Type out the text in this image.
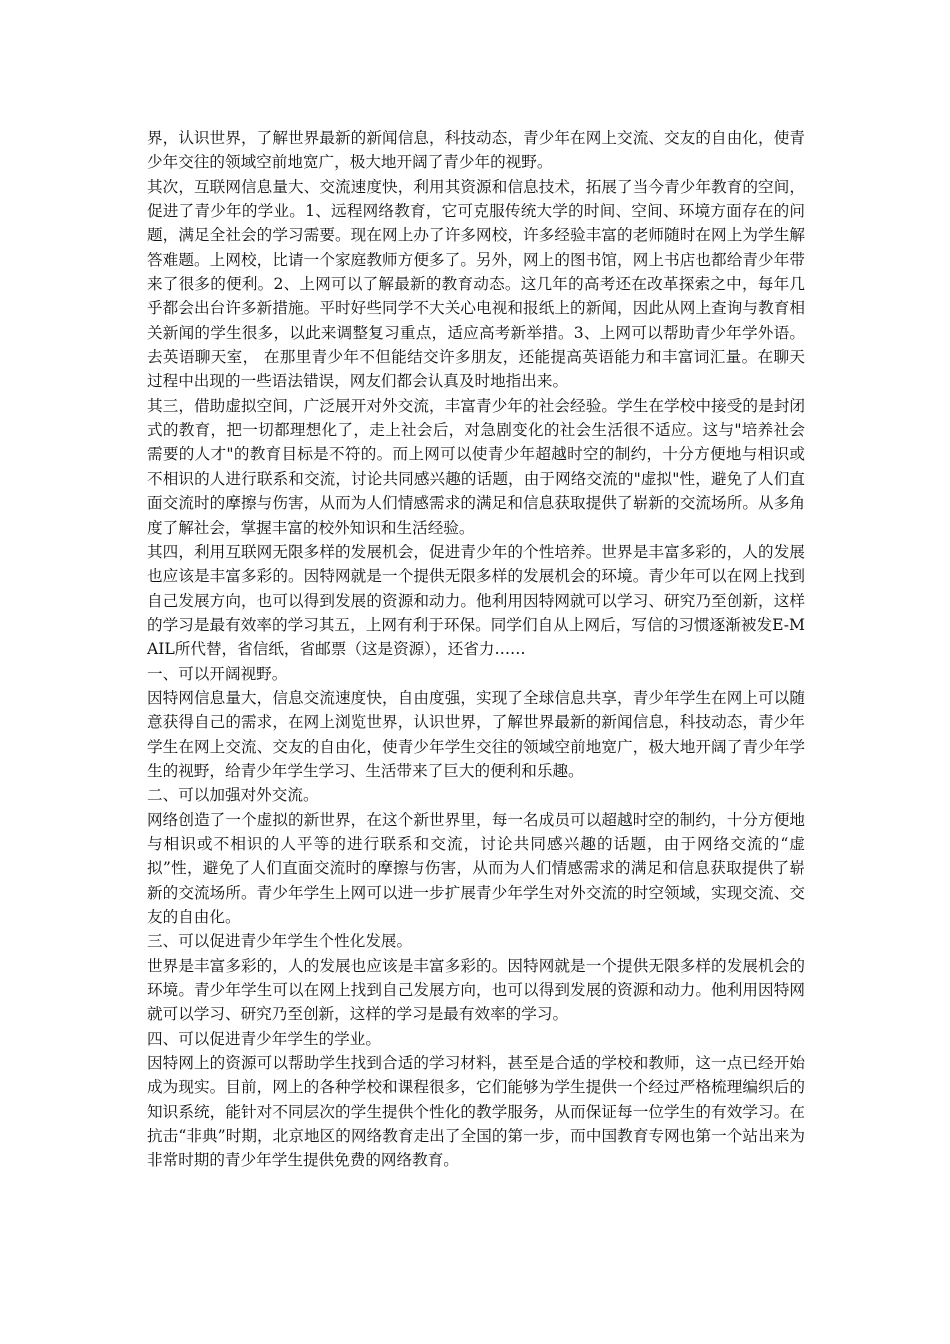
界，认识世界，了解世界最新的新闻信息，科技动态，青少年在网上交流、交友的自由化，使青少年交往的领域空前地宽广，极大地开阔了青少年的视野。

其次，互联网信息量大、交流速度快，利用其资源和信息技术，拓展了当今青少年教育的空间，促进了青少年的学业。1、远程网络教育，它可克服传统大学的时间、空间、环境方面存在的问题，满足全社会的学习需要。现在网上办了许多网校，许多经验丰富的老师随时在网上为学生解答难题。上网校，比请一个家庭教师方便多了。另外，网上的图书馆，网上书店也都给青少年带来了很多的便利。2、上网可以了解最新的教育动态。这几年的高考还在改革探索之中，每年几乎都会出台许多新措施。平时好些同学不大关心电视和报纸上的新闻，因此从网上查询与教育相关新闻的学生很多，以此来调整复习重点，适应高考新举措。3、上网可以帮助青少年学外语。去英语聊天室， 在那里青少年不但能结交许多朋友，还能提高英语能力和丰富词汇量。在聊天过程中出现的一些语法错误，网友们都会认真及时地指出来。

其三，借助虚拟空间，广泛展开对外交流，丰富青少年的社会经验。学生在学校中接受的是封闭式的教育，把一切都理想化了，走上社会后，对急剧变化的社会生活很不适应。这与"培养社会需要的人才"的教育目标是不符的。而上网可以使青少年超越时空的制约，十分方便地与相识或不相识的人进行联系和交流，讨论共同感兴趣的话题，由于网络交流的"虚拟"性，避免了人们直面交流时的摩擦与伤害，从而为人们情感需求的满足和信息获取提供了崭新的交流场所。从多角度了解社会，掌握丰富的校外知识和生活经验。

其四，利用互联网无限多样的发展机会，促进青少年的个性培养。世界是丰富多彩的，人的发展也应该是丰富多彩的。因特网就是一个提供无限多样的发展机会的环境。青少年可以在网上找到自己发展方向，也可以得到发展的资源和动力。他利用因特网就可以学习、研究乃至创新，这样的学习是最有效率的学习其五，上网有利于环保。同学们自从上网后，写信的习惯逐渐被发E-MAIL所代替，省信纸，省邮票（这是资源），还省力……

一、可以开阔视野。

因特网信息量大，信息交流速度快，自由度强，实现了全球信息共享，青少年学生在网上可以随意获得自己的需求，在网上浏览世界，认识世界，了解世界最新的新闻信息，科技动态，青少年学生在网上交流、交友的自由化，使青少年学生交往的领域空前地宽广，极大地开阔了青少年学生的视野，给青少年学生学习、生活带来了巨大的便利和乐趣。

二、可以加强对外交流。

网络创造了一个虚拟的新世界，在这个新世界里，每一名成员可以超越时空的制约，十分方便地与相识或不相识的人平等的进行联系和交流，讨论共同感兴趣的话题，由于网络交流的“虚拟”性，避免了人们直面交流时的摩擦与伤害，从而为人们情感需求的满足和信息获取提供了崭新的交流场所。青少年学生上网可以进一步扩展青少年学生对外交流的时空领域，实现交流、交友的自由化。

三、可以促进青少年学生个性化发展。

世界是丰富多彩的，人的发展也应该是丰富多彩的。因特网就是一个提供无限多样的发展机会的环境。青少年学生可以在网上找到自己发展方向，也可以得到发展的资源和动力。他利用因特网就可以学习、研究乃至创新，这样的学习是最有效率的学习。

四、可以促进青少年学生的学业。

因特网上的资源可以帮助学生找到合适的学习材料，甚至是合适的学校和教师，这一点已经开始成为现实。目前，网上的各种学校和课程很多，它们能够为学生提供一个经过严格梳理编织后的知识系统，能针对不同层次的学生提供个性化的教学服务，从而保证每一位学生的有效学习。在抗击“非典”时期，北京地区的网络教育走出了全国的第一步，而中国教育专网也第一个站出来为非常时期的青少年学生提供免费的网络教育。
